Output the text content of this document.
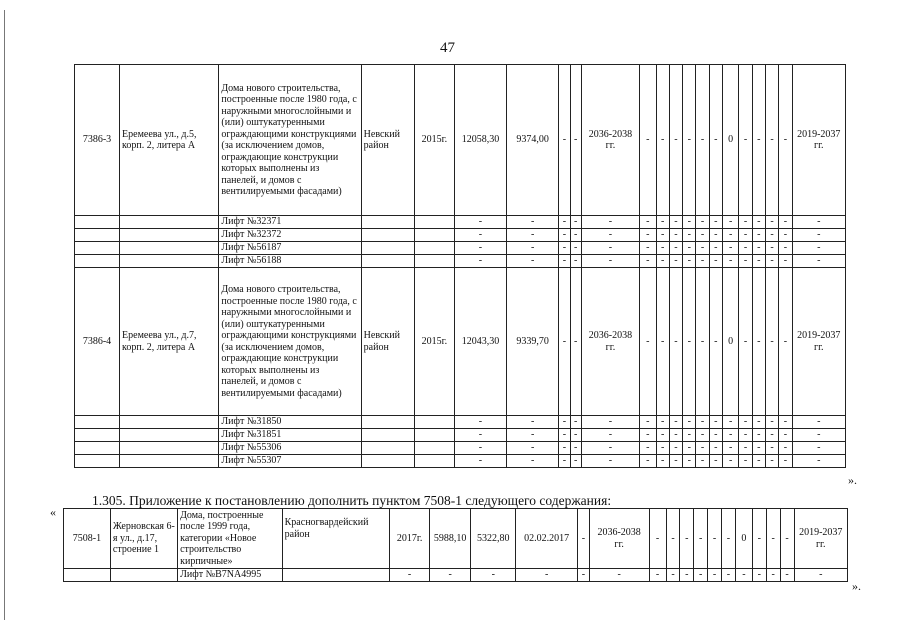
47
7386-3	Еремеева ул., д.5, корп. 2, литера А	Дома нового строительства, построенные после 1980 года, с наружными многослойными и (или) оштукатуренными ограждающими конструкциями (за исключением домов, ограждающие конструкции которых выполнены из панелей, и домов с вентилируемыми фасадами)	Невский район	2015г.	12058,30	9374,00	-	-	2036-2038 гг.	-	-	-	-	-	-	0	-	-	-	-	2019-2037 гг.
		Лифт №32371			-	-	-	-	-	-	-	-	-	-	-	-	-	-	-	-	-
		Лифт №32372			-	-	-	-	-	-	-	-	-	-	-	-	-	-	-	-	-
		Лифт №56187			-	-	-	-	-	-	-	-	-	-	-	-	-	-	-	-	-
		Лифт №56188			-	-	-	-	-	-	-	-	-	-	-	-	-	-	-	-	-
7386-4	Еремеева ул., д.7, корп. 2, литера А	Дома нового строительства, построенные после 1980 года, с наружными многослойными и (или) оштукатуренными ограждающими конструкциями (за исключением домов, ограждающие конструкции которых выполнены из панелей, и домов с вентилируемыми фасадами)	Невский район	2015г.	12043,30	9339,70	-	-	2036-2038 гг.	-	-	-	-	-	-	0	-	-	-	-	2019-2037 гг.
		Лифт №31850			-	-	-	-	-	-	-	-	-	-	-	-	-	-	-	-	-
		Лифт №31851			-	-	-	-	-	-	-	-	-	-	-	-	-	-	-	-	-
		Лифт №55306			-	-	-	-	-	-	-	-	-	-	-	-	-	-	-	-	-
		Лифт №55307			-	-	-	-	-	-	-	-	-	-	-	-	-	-	-	-	-
».
1.305. Приложение к постановлению дополнить пунктом 7508-1 следующего содержания:
«
7508-1	Жерновская 6-я ул., д.17, строение 1	Дома, построенные после 1999 года, категории «Новое строительство кирпичные»	Красногвардейский район	2017г.	5988,10	5322,80	02.02.2017	-	2036-2038 гг.	-	-	-	-	-	-	0	-	-	-	2019-2037 гг.
		Лифт №В7NA4995		-	-	-	-	-	-	-	-	-	-	-	-	-	-	-	-	-
».
